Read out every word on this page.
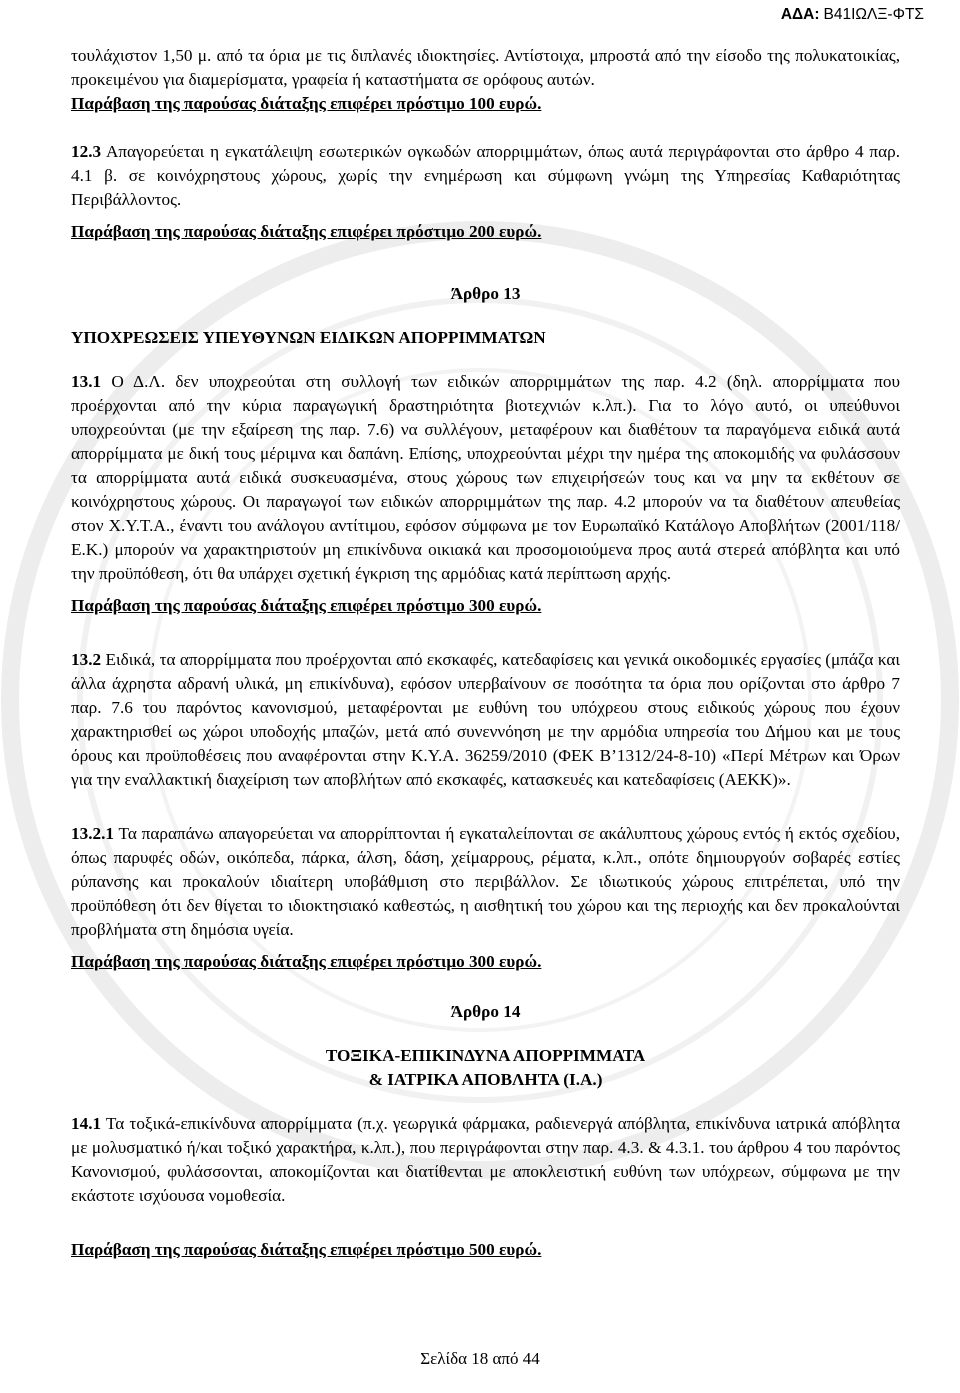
ΑΔΑ: Β41ΙΩΛΞ-ΦΤΣ

τουλάχιστον 1,50 μ. από τα όρια με τις διπλανές ιδιοκτησίες. Αντίστοιχα, μπροστά από την είσοδο της πολυκατοικίας, προκειμένου για διαμερίσματα, γραφεία ή καταστήματα σε ορόφους αυτών.

Παράβαση της παρούσας διάταξης επιφέρει πρόστιμο 100 ευρώ.

12.3 Απαγορεύεται η εγκατάλειψη εσωτερικών ογκωδών απορριμμάτων, όπως αυτά περιγράφονται στο άρθρο 4 παρ. 4.1 β. σε κοινόχρηστους χώρους, χωρίς την ενημέρωση και σύμφωνη γνώμη της Υπηρεσίας Καθαριότητας Περιβάλλοντος.

Παράβαση της παρούσας διάταξης επιφέρει πρόστιμο 200 ευρώ.

Άρθρο 13

ΥΠΟΧΡΕΩΣΕΙΣ ΥΠΕΥΘΥΝΩΝ ΕΙΔΙΚΩΝ ΑΠΟΡΡΙΜΜΑΤΩΝ

13.1 Ο Δ.Λ. δεν υποχρεούται στη συλλογή των ειδικών απορριμμάτων της παρ. 4.2 (δηλ. απορρίμματα που προέρχονται από την κύρια παραγωγική δραστηριότητα βιοτεχνιών κ.λπ.). Για το λόγο αυτό, οι υπεύθυνοι υποχρεούνται (με την εξαίρεση της παρ. 7.6) να συλλέγουν, μεταφέρουν και διαθέτουν τα παραγόμενα ειδικά αυτά απορρίμματα με δική τους μέριμνα και δαπάνη. Επίσης, υποχρεούνται μέχρι την ημέρα της αποκομιδής να φυλάσσουν τα απορρίμματα αυτά ειδικά συσκευασμένα, στους χώρους των επιχειρήσεών τους και να μην τα εκθέτουν σε κοινόχρηστους χώρους. Οι παραγωγοί των ειδικών απορριμμάτων της παρ. 4.2 μπορούν να τα διαθέτουν απευθείας στον Χ.Υ.Τ.Α., έναντι του ανάλογου αντίτιμου, εφόσον σύμφωνα με τον Ευρωπαϊκό Κατάλογο Αποβλήτων (2001/118/Ε.Κ.) μπορούν να χαρακτηριστούν μη επικίνδυνα οικιακά και προσομοιούμενα προς αυτά στερεά απόβλητα και υπό την προϋπόθεση, ότι θα υπάρχει σχετική έγκριση της αρμόδιας κατά περίπτωση αρχής.

Παράβαση της παρούσας διάταξης επιφέρει πρόστιμο 300 ευρώ.

13.2 Ειδικά, τα απορρίμματα που προέρχονται από εκσκαφές, κατεδαφίσεις και γενικά οικοδομικές εργασίες (μπάζα και άλλα άχρηστα αδρανή υλικά, μη επικίνδυνα), εφόσον υπερβαίνουν σε ποσότητα τα όρια που ορίζονται στο άρθρο 7 παρ. 7.6 του παρόντος κανονισμού, μεταφέρονται με ευθύνη του υπόχρεου στους ειδικούς χώρους που έχουν χαρακτηρισθεί ως χώροι υποδοχής μπαζών, μετά από συνεννόηση με την αρμόδια υπηρεσία του Δήμου και με τους όρους και προϋποθέσεις που αναφέρονται στην Κ.Υ.Α. 36259/2010 (ΦΕΚ Β’1312/24-8-10) «Περί Μέτρων και Όρων για την εναλλακτική διαχείριση των αποβλήτων από εκσκαφές, κατασκευές και κατεδαφίσεις (ΑΕΚΚ)».

13.2.1 Τα παραπάνω απαγορεύεται να απορρίπτονται ή εγκαταλείπονται σε ακάλυπτους χώρους εντός ή εκτός σχεδίου, όπως παρυφές οδών, οικόπεδα, πάρκα, άλση, δάση, χείμαρρους, ρέματα, κ.λπ., οπότε δημιουργούν σοβαρές εστίες ρύπανσης και προκαλούν ιδιαίτερη υποβάθμιση στο περιβάλλον. Σε ιδιωτικούς χώρους επιτρέπεται, υπό την προϋπόθεση ότι δεν θίγεται το ιδιοκτησιακό καθεστώς, η αισθητική του χώρου και της περιοχής και δεν προκαλούνται προβλήματα στη δημόσια υγεία.

Παράβαση της παρούσας διάταξης επιφέρει πρόστιμο 300 ευρώ.

Άρθρο 14

ΤΟΞΙΚΑ-ΕΠΙΚΙΝΔΥΝΑ ΑΠΟΡΡΙΜΜΑΤΑ

& ΙΑΤΡΙΚΑ ΑΠΟΒΛΗΤΑ (Ι.Α.)

14.1 Τα τοξικά-επικίνδυνα απορρίμματα (π.χ. γεωργικά φάρμακα, ραδιενεργά απόβλητα, επικίνδυνα ιατρικά απόβλητα με μολυσματικό ή/και τοξικό χαρακτήρα, κ.λπ.), που περιγράφονται στην παρ. 4.3. & 4.3.1. του άρθρου 4 του παρόντος Κανονισμού, φυλάσσονται, αποκομίζονται και διατίθενται με αποκλειστική ευθύνη των υπόχρεων, σύμφωνα με την εκάστοτε ισχύουσα νομοθεσία.

Παράβαση της παρούσας διάταξης επιφέρει πρόστιμο 500 ευρώ.

Σελίδα 18 από 44
